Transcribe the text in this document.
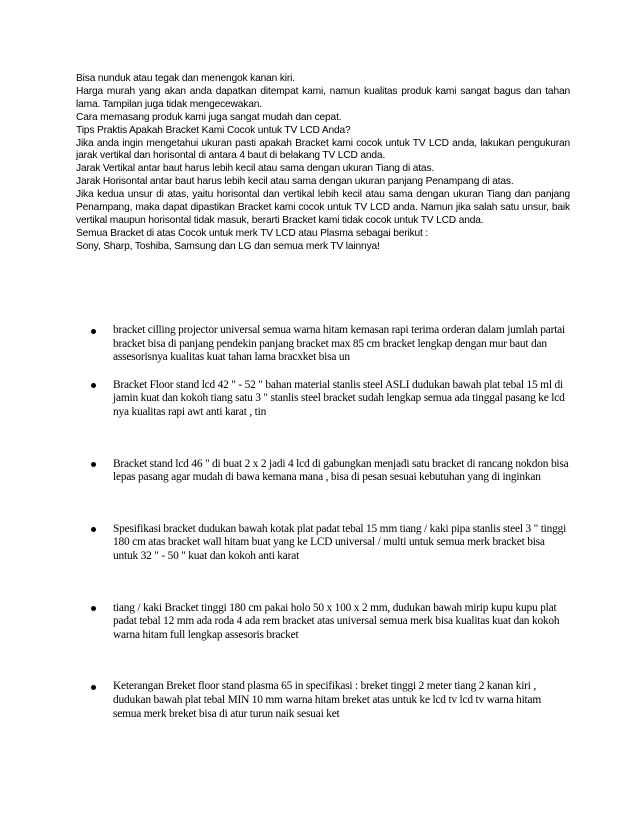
Bisa nunduk atau tegak dan menengok kanan kiri.

Harga murah yang akan anda dapatkan ditempat kami, namun kualitas produk kami sangat bagus dan tahan lama. Tampilan juga tidak mengecewakan.

Cara memasang produk kami juga sangat mudah dan cepat.

Tips Praktis Apakah Bracket Kami Cocok untuk TV LCD Anda?

Jika anda ingin mengetahui ukuran pasti apakah Bracket kami cocok untuk TV LCD anda, lakukan pengukuran jarak vertikal dan horisontal di antara 4 baut di belakang TV LCD anda.

Jarak Vertikal antar baut harus lebih kecil atau sama dengan ukuran Tiang di atas.

Jarak Horisontal antar baut harus lebih kecil atau sama dengan ukuran panjang Penampang di atas.

Jika kedua unsur di atas, yaitu horisontal dan vertikal lebih kecil atau sama dengan ukuran Tiang dan panjang Penampang, maka dapat dipastikan Bracket kami cocok untuk TV LCD anda. Namun jika salah satu unsur, baik vertikal maupun horisontal tidak masuk, berarti Bracket kami tidak cocok untuk TV LCD anda.

Semua Bracket di atas Cocok untuk merk TV LCD atau Plasma sebagai berikut :

Sony, Sharp, Toshiba, Samsung dan LG dan semua merk TV lainnya!

bracket cilling projector universal semua warna hitam kemasan rapi terima orderan dalam jumlah partai bracket bisa di panjang pendekin panjang bracket max 85 cm bracket lengkap dengan mur baut dan assesorisnya kualitas kuat tahan lama bracxket bisa un

Bracket Floor stand lcd 42 " - 52 " bahan material stanlis steel ASLI dudukan bawah plat tebal 15 ml di jamin kuat dan kokoh tiang satu 3 " stanlis steel bracket sudah lengkap semua ada tinggal pasang ke lcd nya kualitas rapi awt anti karat , tin

Bracket stand lcd 46 " di buat 2 x 2 jadi 4 lcd di gabungkan menjadi satu bracket di rancang nokdon bisa lepas pasang agar mudah di bawa kemana mana , bisa di pesan sesuai kebutuhan yang di inginkan

Spesifikasi bracket dudukan bawah kotak plat padat tebal 15 mm tiang / kaki pipa stanlis steel 3 " tinggi 180 cm atas bracket wall hitam buat yang ke LCD universal / multi untuk semua merk bracket bisa untuk 32 " - 50 " kuat dan kokoh anti karat

tiang / kaki Bracket tinggi 180 cm pakai holo 50 x 100 x 2 mm, dudukan bawah mirip kupu kupu plat padat tebal 12 mm ada roda 4 ada rem bracket atas universal semua merk bisa kualitas kuat dan kokoh warna hitam full lengkap assesoris bracket

Keterangan Breket floor stand plasma 65 in specifikasi : breket tinggi 2 meter tiang 2 kanan kiri , dudukan bawah plat tebal MIN 10 mm warna hitam breket atas untuk ke lcd tv lcd tv warna hitam semua merk breket bisa di atur turun naik sesuai ket
